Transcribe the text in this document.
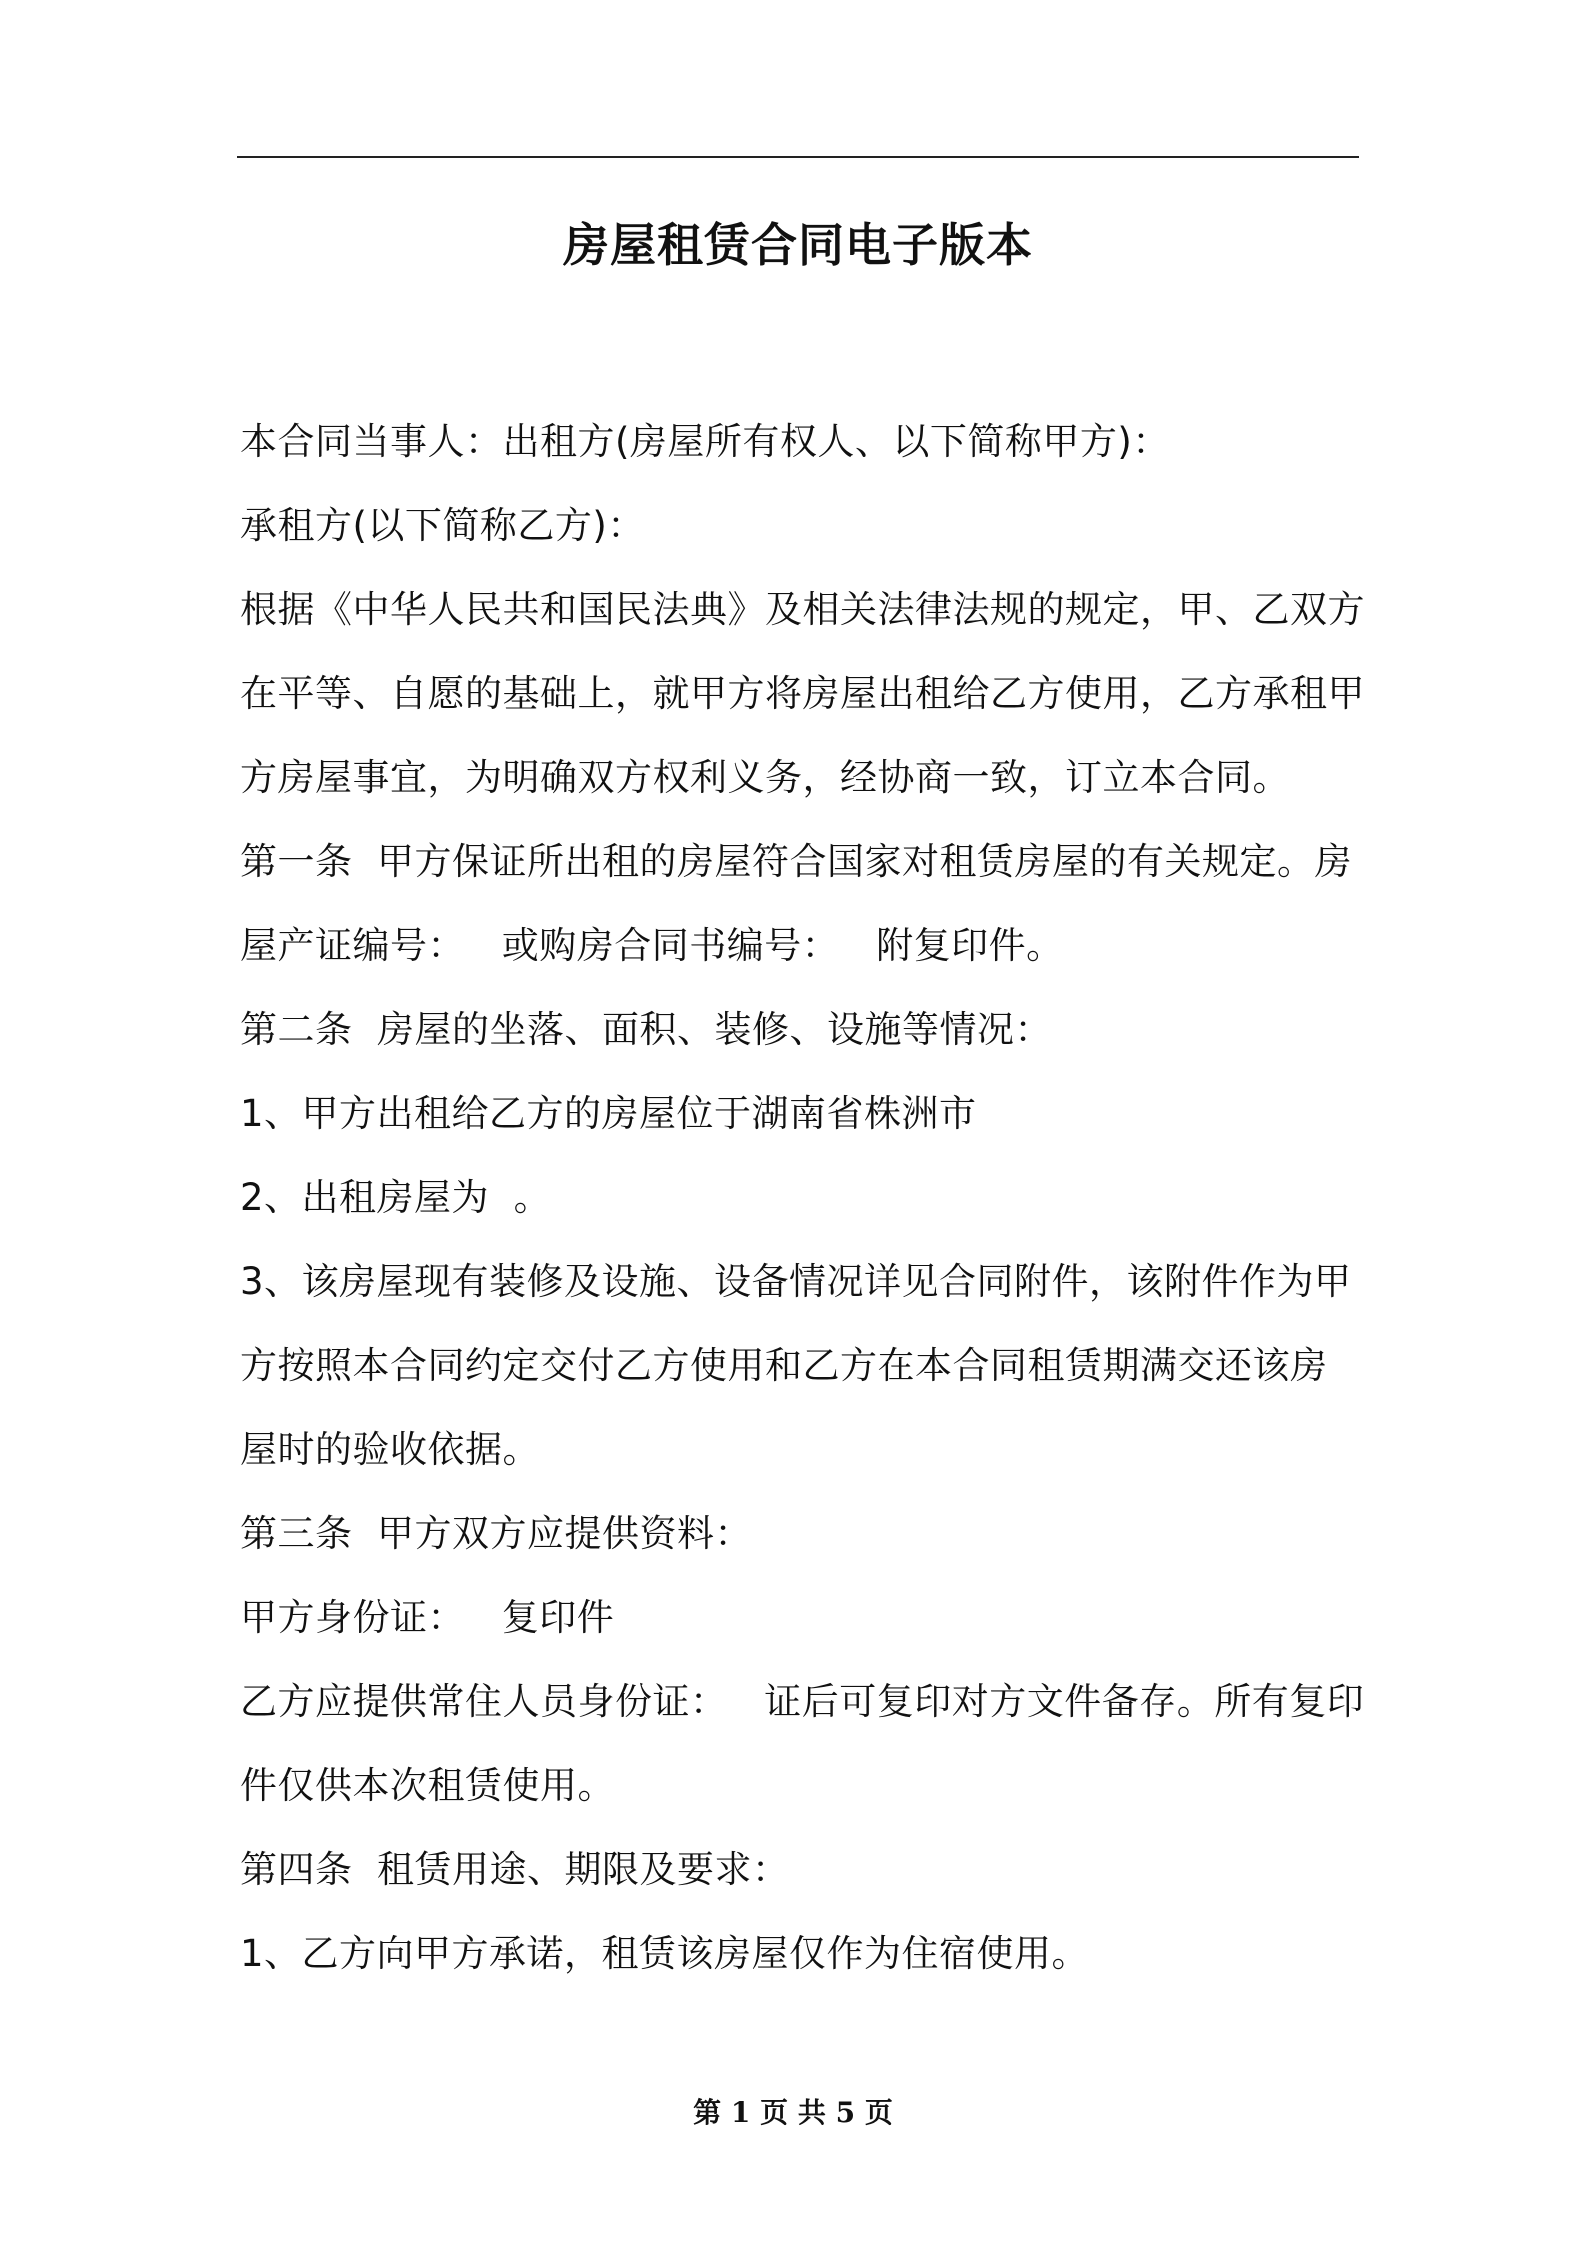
房屋租赁合同电子版本
本合同当事人：出租方(房屋所有权人、以下简称甲方)：
承租方(以下简称乙方)：
根据《中华人民共和国民法典》及相关法律法规的规定，甲、乙双方
在平等、自愿的基础上，就甲方将房屋出租给乙方使用，乙方承租甲
方房屋事宜，为明确双方权利义务，经协商一致，订立本合同。
第一条  甲方保证所出租的房屋符合国家对租赁房屋的有关规定。房
屋产证编号：   或购房合同书编号：   附复印件。
第二条  房屋的坐落、面积、装修、设施等情况：
1、甲方出租给乙方的房屋位于湖南省株洲市
2、出租房屋为  。
3、该房屋现有装修及设施、设备情况详见合同附件，该附件作为甲
方按照本合同约定交付乙方使用和乙方在本合同租赁期满交还该房
屋时的验收依据。
第三条  甲方双方应提供资料：
甲方身份证：   复印件
乙方应提供常住人员身份证：   证后可复印对方文件备存。所有复印
件仅供本次租赁使用。
第四条  租赁用途、期限及要求：
1、乙方向甲方承诺，租赁该房屋仅作为住宿使用。
第 1 页 共 5 页
